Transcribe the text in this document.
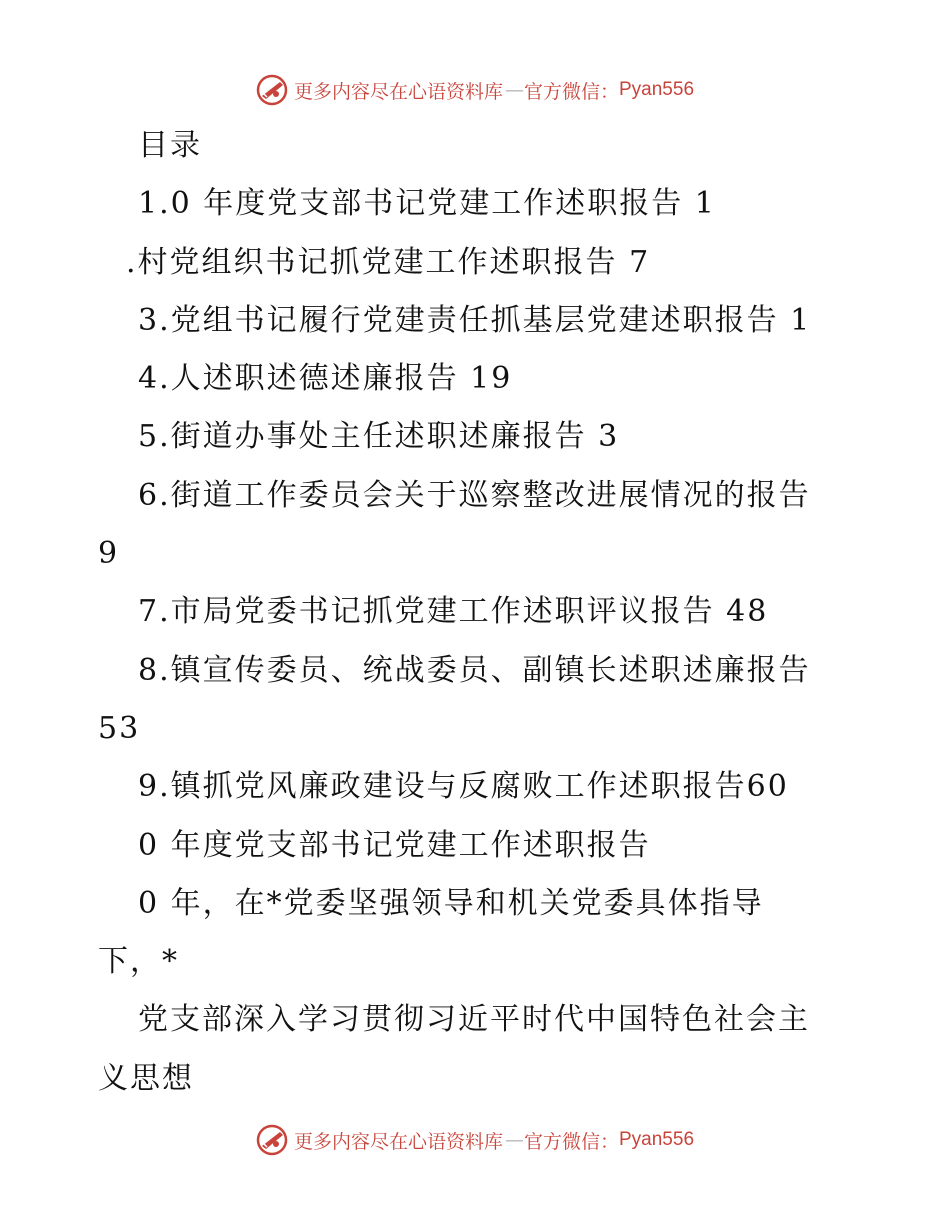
更多内容尽在心语资料库 — 官方微信： Pyan556
目录
1.0 年度党支部书记党建工作述职报告 1
.村党组织书记抓党建工作述职报告 7
3.党组书记履行党建责任抓基层党建述职报告 1
4.人述职述德述廉报告 19
5.街道办事处主任述职述廉报告 3
6.街道工作委员会关于巡察整改进展情况的报告
9
7.市局党委书记抓党建工作述职评议报告 48
8.镇宣传委员、统战委员、副镇长述职述廉报告
53
9.镇抓党风廉政建设与反腐败工作述职报告60
0 年度党支部书记党建工作述职报告
0 年，在*党委坚强领导和机关党委具体指导
下，*
党支部深入学习贯彻习近平时代中国特色社会主
义思想
更多内容尽在心语资料库 — 官方微信： Pyan556
